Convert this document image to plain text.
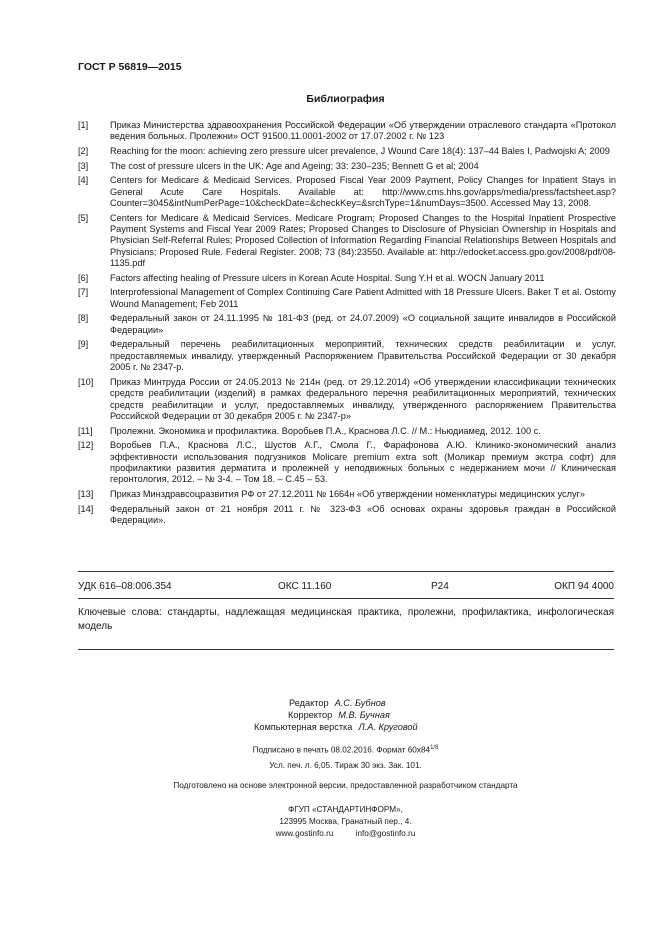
ГОСТ Р 56819—2015
Библиография
[1]	Приказ Министерства здравоохранения Российской Федерации «Об утверждении отраслевого стандарта «Протокол ведения больных. Пролежни» ОСТ 91500.11.0001-2002 от 17.07.2002 г. № 123
[2]	Reaching for the moon: achieving zero pressure ulcer prevalence, J Wound Care 18(4): 137–44 Bales I, Padwojski A; 2009
[3]	The cost of pressure ulcers in the UK: Age and Ageing; 33: 230–235; Bennett G et al; 2004
[4]	Centers for Medicare & Medicaid Services. Proposed Fiscal Year 2009 Payment, Policy Changes for Inpatient Stays in General Acute Care Hospitals. Available at: http://www.cms.hhs.gov/apps/media/press/factsheet.asp?Counter=3045&intNumPerPage=10&checkDate=&checkKey=&srchType=1&numDays=3500. Accessed May 13, 2008.
[5]	Centers for Medicare & Medicaid Services. Medicare Program; Proposed Changes to the Hospital Inpatient Prospective Payment Systems and Fiscal Year 2009 Rates; Proposed Changes to Disclosure of Physician Ownership in Hospitals and Physician Self-Referral Rules; Proposed Collection of Information Regarding Financial Relationships Between Hospitals and Physicians; Proposed Rule. Federal Register. 2008; 73 (84):23550. Available at: http://edocket.access.gpo.gov/2008/pdf/08-1135.pdf
[6]	Factors affecting healing of Pressure ulcers in Korean Acute Hospital. Sung Y.H et al. WOCN January 2011
[7]	Interprofessional Management of Complex Continuing Care Patient Admitted with 18 Pressure Ulcers. Baker T et al. Ostomy Wound Management; Feb 2011
[8]	Федеральный закон от 24.11.1995 № 181-ФЗ (ред. от 24.07.2009) «О социальной защите инвалидов в Российской Федерации»
[9]	Федеральный перечень реабилитационных мероприятий, технических средств реабилитации и услуг, предоставляемых инвалиду, утвержденный Распоряжением Правительства Российской Федерации от 30 декабря 2005 г. № 2347-р.
[10]	Приказ Минтруда России от 24.05.2013 № 214н (ред. от 29.12.2014) «Об утверждении классификации технических средств реабилитации (изделий) в рамках федерального перечня реабилитационных мероприятий, технических средств реабилитации и услуг, предоставляемых инвалиду, утвержденного распоряжением Правительства Российской Федерации от 30 декабря 2005 г. № 2347-р»
[11]	Пролежни. Экономика и профилактика. Воробьев П.А., Краснова Л.С. // М.: Ньюдиамед, 2012. 100 с.
[12]	Воробьев П.А., Краснова Л.С., Шустов А.Г., Смола Г., Фарафонова А.Ю. Клинико-экономический анализ эффективности использования подгузников Molicare premium extra soft (Моликар премиум экстра софт) для профилактики развития дерматита и пролежней у неподвижных больных с недержанием мочи // Клиническая геронтология, 2012. – № 3-4. – Том 18. – С.45 – 53.
[13]	Приказ Минздравсоцразвития РФ от 27.12.2011 № 1664н «Об утверждении номенклатуры медицинских услуг»
[14]	Федеральный закон от 21 ноября 2011 г. № 323-ФЗ «Об основах охраны здоровья граждан в Российской Федерации».
УДК 616–08:006.354	ОКС 11.160	Р24	ОКП 94 4000
Ключевые слова: стандарты, надлежащая медицинская практика, пролежни, профилактика, инфологическая модель
Редактор А.С. Бубнов
Корректор М.В. Бучная
Компьютерная верстка Л.А. Круговой
Подписано в печать 08.02.2016. Формат $60x84^{1/8}$
Усл. печ. л. 6,05. Тираж 30 экз. Зак. 101.
Подготовлено на основе электронной версии, предоставленной разработчиком стандарта
ФГУП «СТАНДАРТИНФОРМ»,
123995 Москва, Гранатный пер., 4.
www.gostinfo.ru	info@gostinfo.ru
